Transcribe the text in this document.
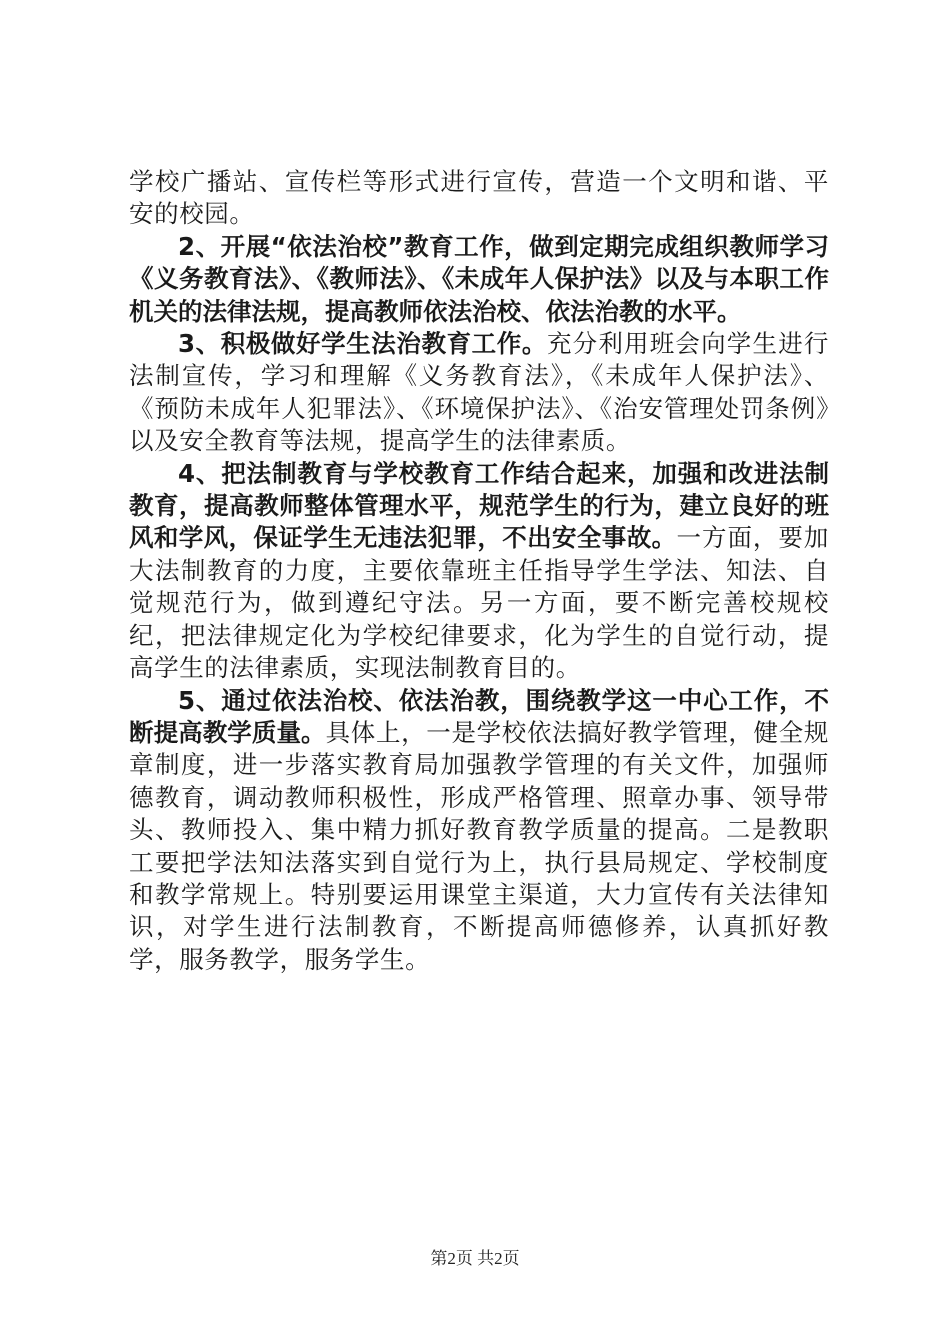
学校广播站、宣传栏等形式进行宣传，营造一个文明和谐、平安的校园。

2、开展“依法治校”教育工作，做到定期完成组织教师学习《义务教育法》、《教师法》、《未成年人保护法》以及与本职工作机关的法律法规，提高教师依法治校、依法治教的水平。

3、积极做好学生法治教育工作。充分利用班会向学生进行法制宣传，学习和理解《义务教育法》，《未成年人保护法》、《预防未成年人犯罪法》、《环境保护法》、《治安管理处罚条例》以及安全教育等法规，提高学生的法律素质。

4、把法制教育与学校教育工作结合起来，加强和改进法制教育，提高教师整体管理水平，规范学生的行为，建立良好的班风和学风，保证学生无违法犯罪，不出安全事故。一方面，要加大法制教育的力度，主要依靠班主任指导学生学法、知法、自觉规范行为，做到遵纪守法。另一方面，要不断完善校规校纪，把法律规定化为学校纪律要求，化为学生的自觉行动，提高学生的法律素质，实现法制教育目的。

5、通过依法治校、依法治教，围绕教学这一中心工作，不断提高教学质量。具体上，一是学校依法搞好教学管理，健全规章制度，进一步落实教育局加强教学管理的有关文件，加强师德教育，调动教师积极性，形成严格管理、照章办事、领导带头、教师投入、集中精力抓好教育教学质量的提高。二是教职工要把学法知法落实到自觉行为上，执行县局规定、学校制度和教学常规上。特别要运用课堂主渠道，大力宣传有关法律知识，对学生进行法制教育，不断提高师德修养，认真抓好教学，服务教学，服务学生。

第2页 共2页
